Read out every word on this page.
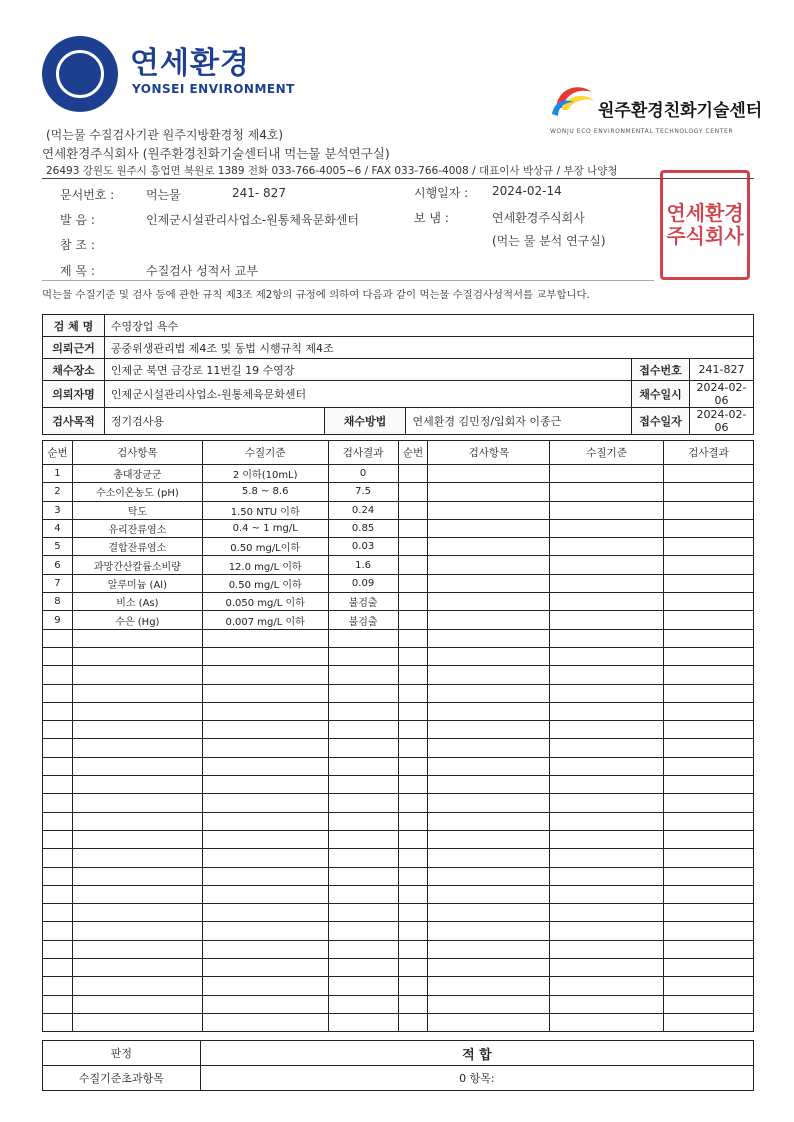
연세환경
YONSEI ENVIRONMENT
원주환경친화기술센터
WONJU ECO ENVIRONMENTAL TECHNOLOGY CENTER
(먹는물 수질검사기관 원주지방환경청 제4호)
연세환경주식회사 (원주환경친화기술센터내 먹는물 분석연구실)
26493 강원도 원주시 흥업면 북원로 1389 전화 033-766-4005~6 / FAX 033-766-4008 / 대표이사 박상규 / 부장 나양청
문서번호 :	먹는물	241- 827	시행일자 : 2024-02-14
발 음 :	인제군시설관리사업소-원통체육문화센터	보 냄 :	연세환경주식회사
참 조 :	(먹는 물 분석 연구실)
제 목 :	수질검사 성적서 교부
연세환경
주식회사
먹는물 수질기준 및 검사 등에 관한 규칙 제3조 제2항의 규정에 의하여 다음과 같이 먹는물 수질검사성적서를 교부합니다.
검 체 명	수영장업 욕수				
의뢰근거	공중위생관리법 제4조 및 동법 시행규칙 제4조				
채수장소	인제군 북면 금강로 11번길 19 수영장			접수번호	241-827
의뢰자명	인제군시설관리사업소-원통체육문화센터			채수일시	2024-02-06
검사목적	정기검사용	채수방법	연세환경 김민정/입회자 이종근	접수일자	2024-02-06
순번	검사항목	수질기준	검사결과	순번	검사항목	수질기준	검사결과
1	총대장균군	2 이하(10mL)	0				
2	수소이온농도 (pH)	5.8 ~ 8.6	7.5				
3	탁도	1.50 NTU 이하	0.24				
4	유리잔류염소	0.4 ~ 1 mg/L	0.85				
5	결합잔류염소	0.50 mg/L이하	0.03				
6	과망간산칼륨소비량	12.0 mg/L 이하	1.6				
7	알루미늄 (Al)	0.50 mg/L 이하	0.09				
8	비소 (As)	0.050 mg/L 이하	불검출				
9	수은 (Hg)	0.007 mg/L 이하	불검출				

판정	적 합
수질기준초과항목	0 항목:
